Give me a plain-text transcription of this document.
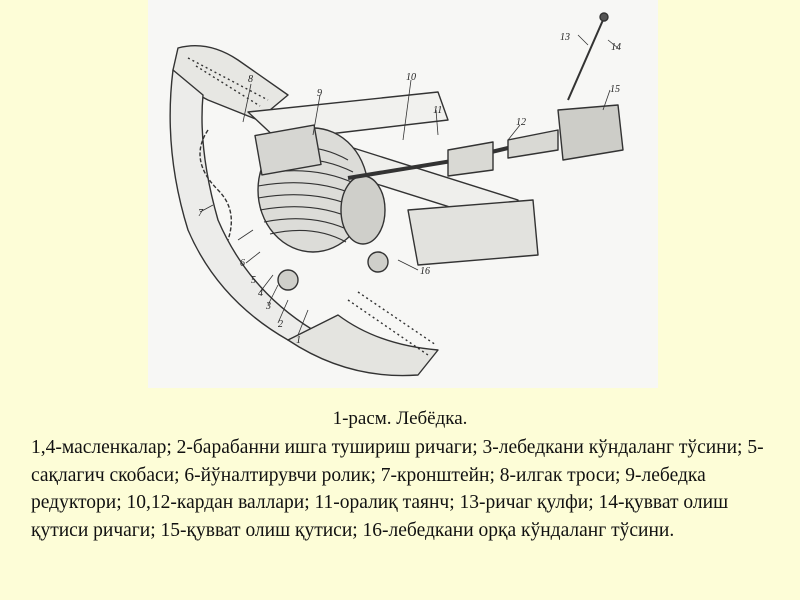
1
2
3
4
5
6
7
8
9
10
11
12
13
14
15
16
1-расм. Лебёдка.
1,4-масленкалар; 2-барабанни ишга тушириш ричаги; 3-лебедкани кўндаланг тўсини; 5-сақлагич скобаси; 6-йўналтирувчи ролик; 7-кронштейн; 8-илгак троси; 9-лебедка редуктори; 10,12-кардан валлари; 11-оралиқ таянч; 13-ричаг қулфи; 14-қувват олиш қутиси ричаги; 15-қувват олиш қутиси; 16-лебедкани орқа кўндаланг тўсини.
